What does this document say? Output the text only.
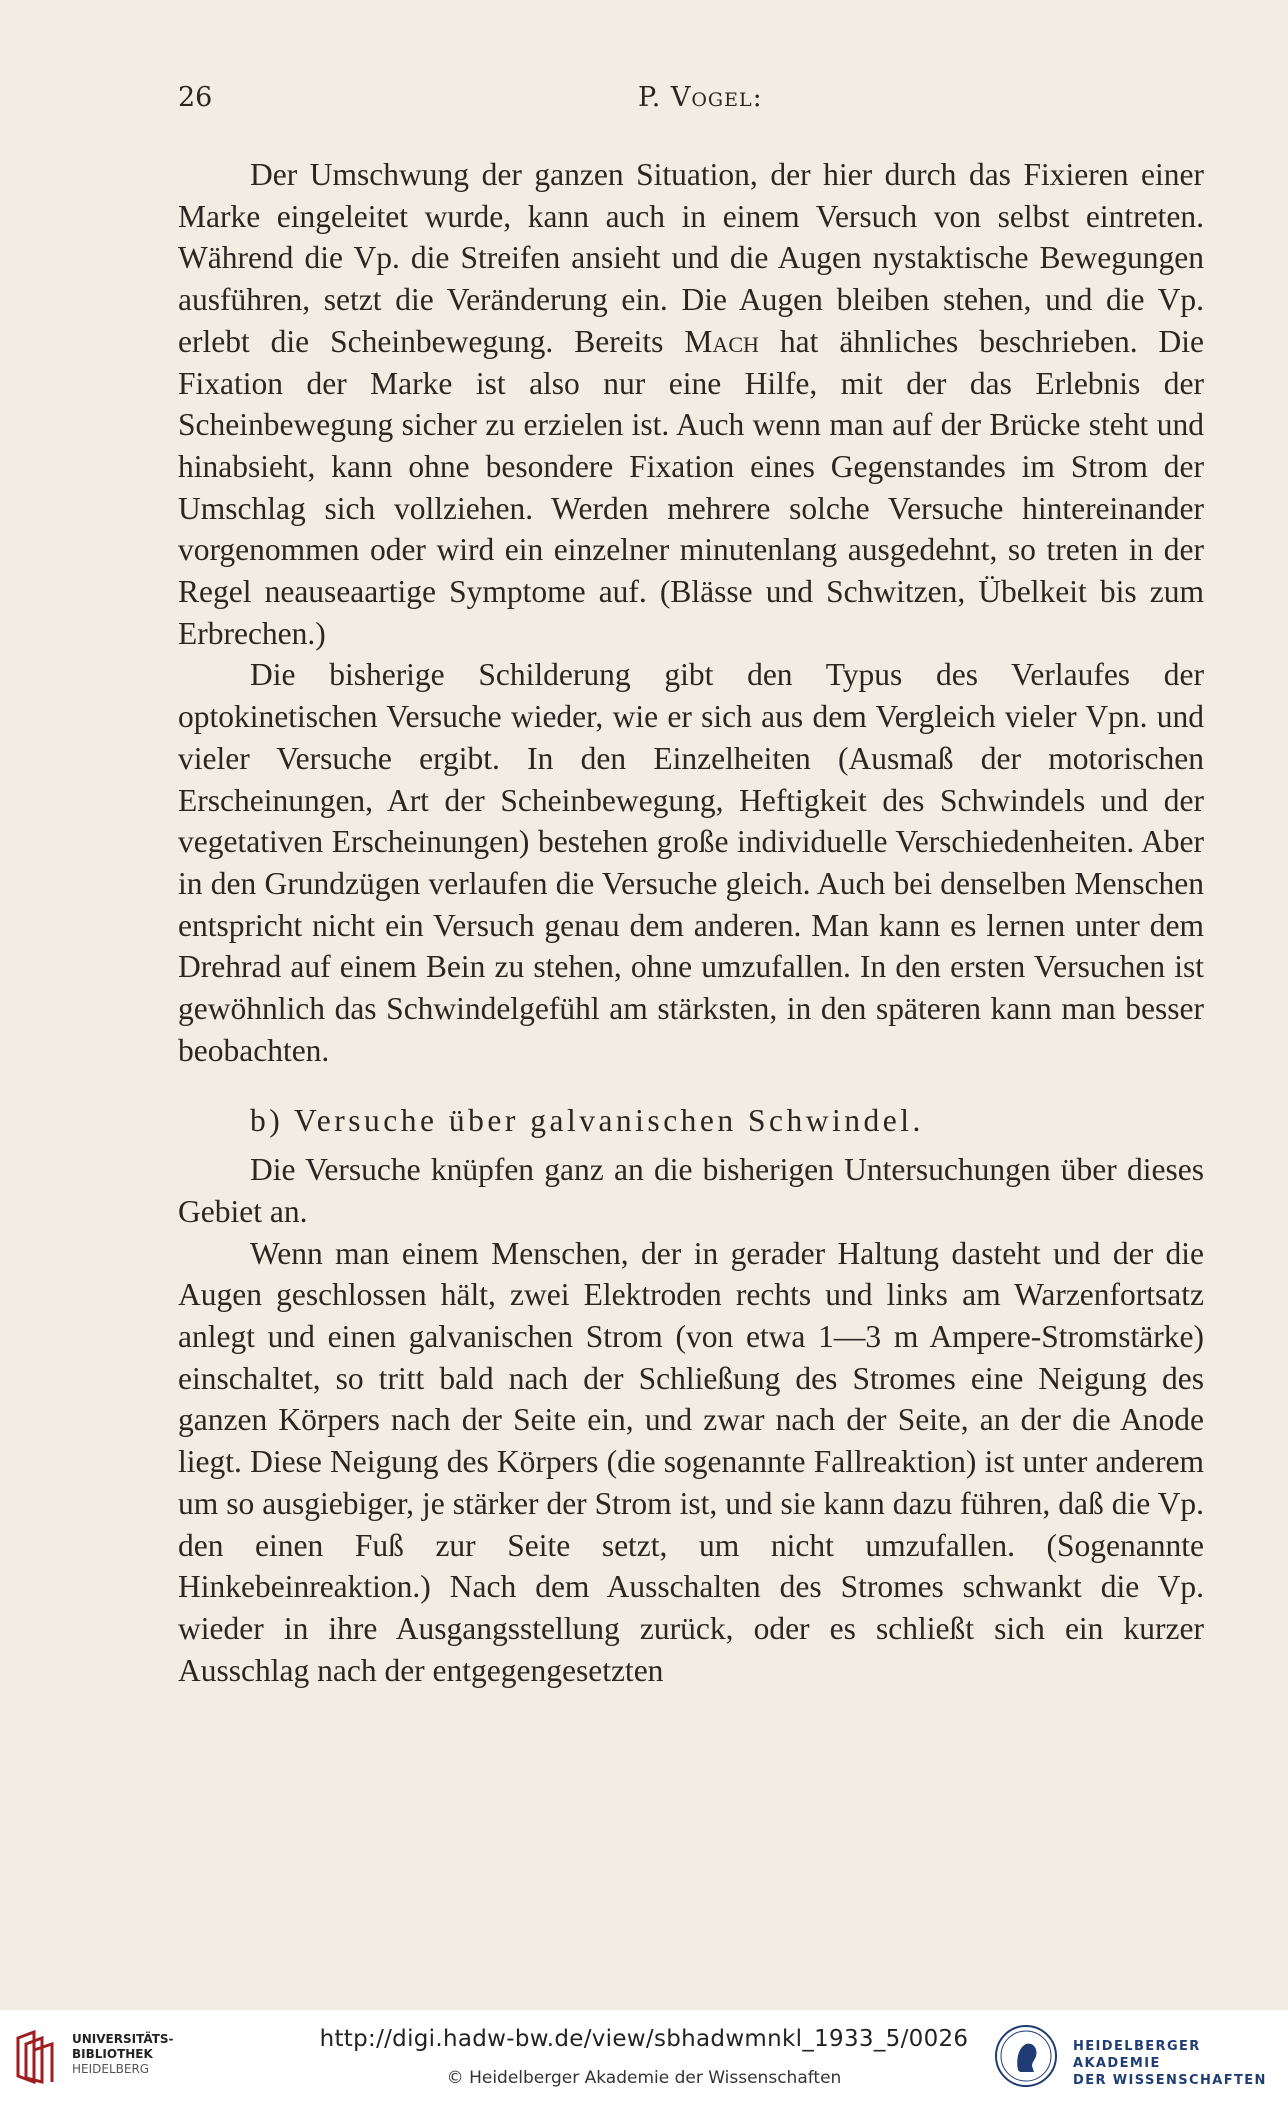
26	P. Vogel:

Der Umschwung der ganzen Situation, der hier durch das Fixieren einer Marke eingeleitet wurde, kann auch in einem Versuch von selbst eintreten. Während die Vp. die Streifen ansieht und die Augen nystaktische Bewegungen ausführen, setzt die Veränderung ein. Die Augen bleiben stehen, und die Vp. erlebt die Scheinbewegung. Bereits Mach hat ähnliches beschrieben. Die Fixation der Marke ist also nur eine Hilfe, mit der das Erlebnis der Scheinbewegung sicher zu erzielen ist. Auch wenn man auf der Brücke steht und hinabsieht, kann ohne besondere Fixation eines Gegenstandes im Strom der Umschlag sich vollziehen. Werden mehrere solche Versuche hintereinander vorgenommen oder wird ein einzelner minutenlang ausgedehnt, so treten in der Regel neauseaartige Symptome auf. (Blässe und Schwitzen, Übelkeit bis zum Erbrechen.)

Die bisherige Schilderung gibt den Typus des Verlaufes der optokinetischen Versuche wieder, wie er sich aus dem Vergleich vieler Vpn. und vieler Versuche ergibt. In den Einzelheiten (Ausmaß der motorischen Erscheinungen, Art der Scheinbewegung, Heftigkeit des Schwindels und der vegetativen Erscheinungen) bestehen große individuelle Verschiedenheiten. Aber in den Grundzügen verlaufen die Versuche gleich. Auch bei denselben Menschen entspricht nicht ein Versuch genau dem anderen. Man kann es lernen unter dem Drehrad auf einem Bein zu stehen, ohne umzufallen. In den ersten Versuchen ist gewöhnlich das Schwindelgefühl am stärksten, in den späteren kann man besser beobachten.

b) Versuche über galvanischen Schwindel.

Die Versuche knüpfen ganz an die bisherigen Untersuchungen über dieses Gebiet an.

Wenn man einem Menschen, der in gerader Haltung dasteht und der die Augen geschlossen hält, zwei Elektroden rechts und links am Warzenfortsatz anlegt und einen galvanischen Strom (von etwa 1—3 m Ampere-Stromstärke) einschaltet, so tritt bald nach der Schließung des Stromes eine Neigung des ganzen Körpers nach der Seite ein, und zwar nach der Seite, an der die Anode liegt. Diese Neigung des Körpers (die sogenannte Fallreaktion) ist unter anderem um so ausgiebiger, je stärker der Strom ist, und sie kann dazu führen, daß die Vp. den einen Fuß zur Seite setzt, um nicht umzufallen. (Sogenannte Hinkebeinreaktion.) Nach dem Ausschalten des Stromes schwankt die Vp. wieder in ihre Ausgangsstellung zurück, oder es schließt sich ein kurzer Ausschlag nach der entgegengesetzten

UNIVERSITÄTS-
BIBLIOTHEK
HEIDELBERG
http://digi.hadw-bw.de/view/sbhadwmnkl_1933_5/0026
© Heidelberger Akademie der Wissenschaften
HEIDELBERGER AKADEMIE
DER WISSENSCHAFTEN
